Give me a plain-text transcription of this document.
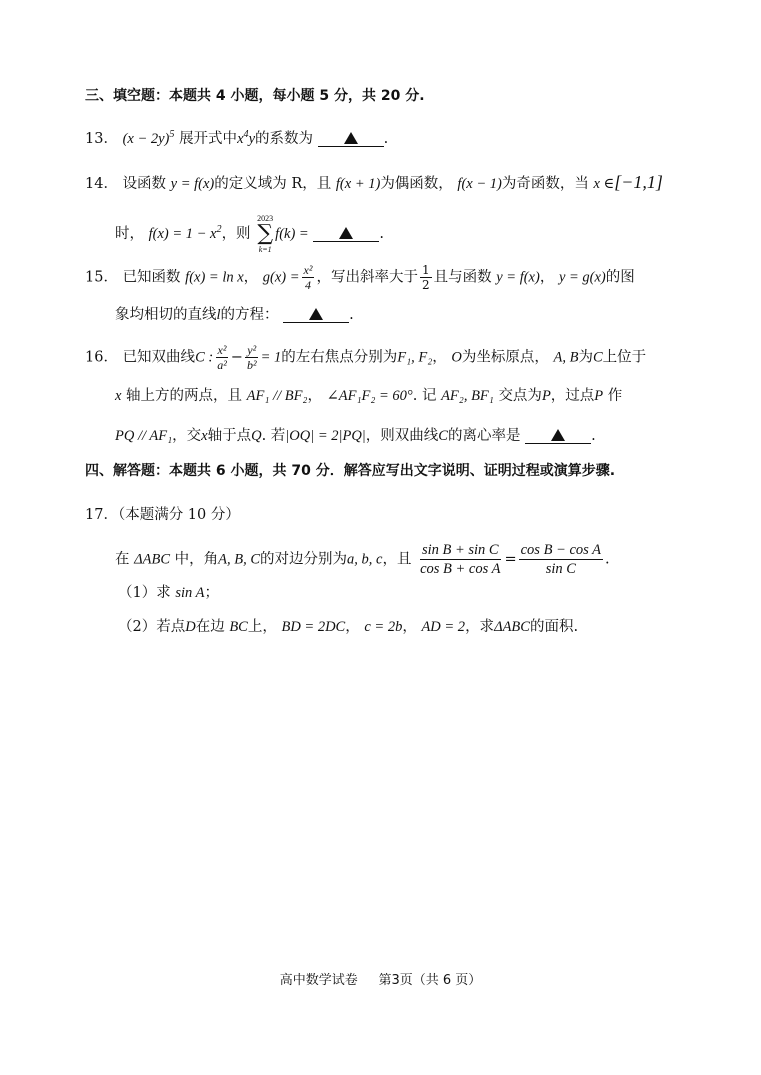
三、填空题：本题共 4 小题，每小题 5 分，共 20 分.
13． $(x - 2y)^5$ 展开式中$x^4y$的系数为	.
14． 设函数 y = f(x)的定义域为 R，且 f(x + 1)为偶函数， f(x − 1)为奇函数，当 x ∈[−1,1]
时， $f(x) = 1 - x^2$，则
2023
∑
k=1
f(k) =	.
15． 已知函数 f(x) = ln x， $g(x) = \frac{\text{x²}}{4}$ ，写出斜率大于 $\frac{1}{2}$ 且与函数 y = f(x)， y = g(x)的图
象均相切的直线l的方程：	.
16． 已知双曲线C : $\frac{\text{x²}}{\text{a²}} - \frac{\text{y²}}{\text{b²}} = 1$的左右焦点分别为F₁, F₂， O为坐标原点， A, B为C上位于
x 轴上方的两点，且 AF₁ // BF₂， ∠AF₁F₂ = 60°. 记 AF₂, BF₁ 交点为P，过点P 作
PQ // AF₁，交x轴于点Q. 若|OQ| = 2|PQ|，则双曲线C的离心率是	.
四、解答题：本题共 6 小题，共 70 分．解答应写出文字说明、证明过程或演算步骤.
17．（本题满分 10 分）
在 ΔABC 中，角A, B, C的对边分别为a, b, c，且 $\frac{\text{sin B + sin C}}{\text{cos B + cos A}} = \frac{\text{cos B − cos A}}{\text{sin C}}$ .
（1）求 sin A；
（2）若点D在边 BC上， BD = 2DC， c = 2b， AD = 2，求ΔABC的面积.
高中数学试卷 第3页（共 6 页）
